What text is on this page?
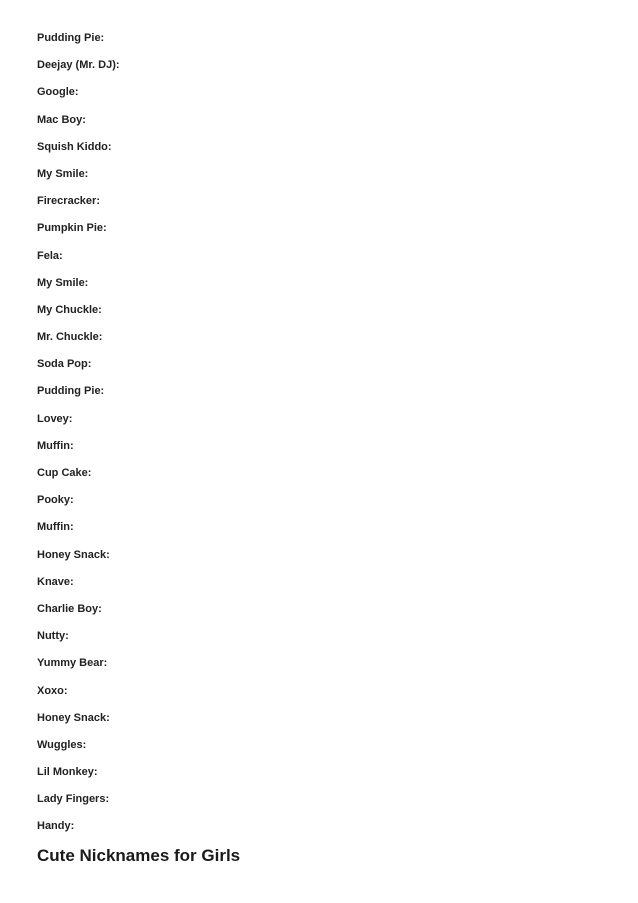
Pudding Pie:
Deejay (Mr. DJ):
Google:
Mac Boy:
Squish Kiddo:
My Smile:
Firecracker:
Pumpkin Pie:
Fela:
My Smile:
My Chuckle:
Mr. Chuckle:
Soda Pop:
Pudding Pie:
Lovey:
Muffin:
Cup Cake:
Pooky:
Muffin:
Honey Snack:
Knave:
Charlie Boy:
Nutty:
Yummy Bear:
Xoxo:
Honey Snack:
Wuggles:
Lil Monkey:
Lady Fingers:
Handy:
Cute Nicknames for Girls
